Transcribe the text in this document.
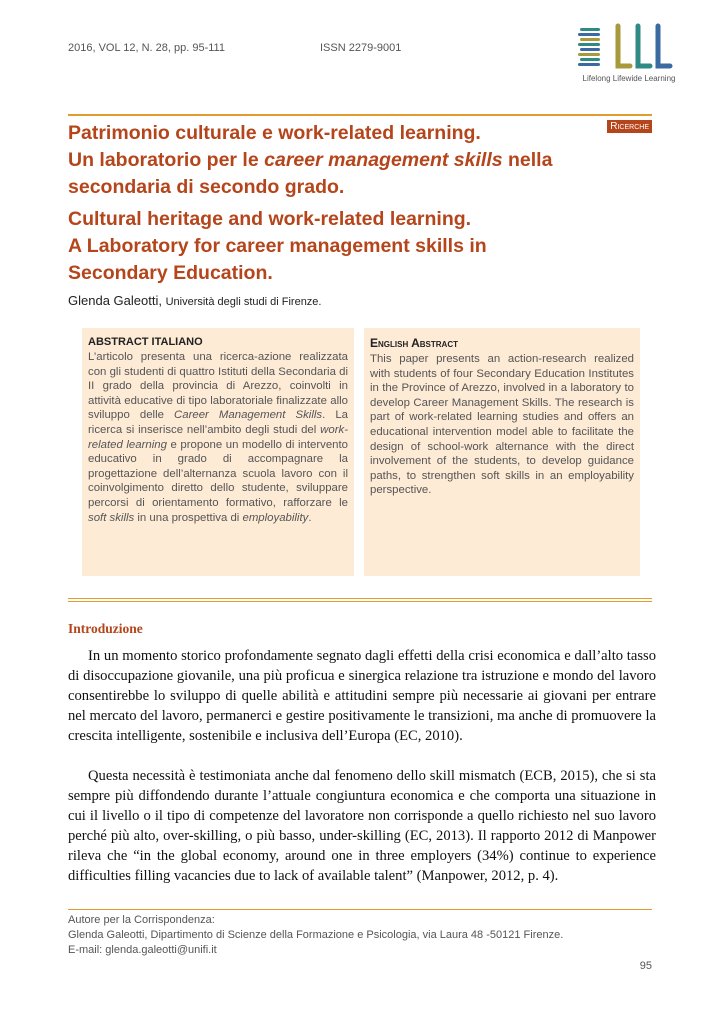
2016, VOL 12, N. 28, pp. 95-111	ISSN 2279-9001
Lifelong Lifewide Learning
Ricerche
Patrimonio culturale e work-related learning.
Un laboratorio per le career management skills nella
secondaria di secondo grado.
Cultural heritage and work-related learning.
A Laboratory for career management skills in
Secondary Education.
Glenda Galeotti, Università degli studi di Firenze.
ABSTRACT ITALIANO
L’articolo presenta una ricerca-azione realizzata con gli studenti di quattro Istituti della Secondaria di II grado della provincia di Arezzo, coinvolti in attività educative di tipo laboratoriale finalizzate allo sviluppo delle Career Management Skills. La ricerca si inserisce nell’ambito degli studi del work-related learning e propone un modello di intervento educativo in grado di accompagnare la progettazione dell’alternanza scuola lavoro con il coinvolgimento diretto dello studente, sviluppare percorsi di orientamento formativo, rafforzare le soft skills in una prospettiva di employability.
English Abstract
This paper presents an action-research realized with students of four Secondary Education Institutes in the Province of Arezzo, involved in a laboratory to develop Career Management Skills. The research is part of work-related learning studies and offers an educational intervention model able to facilitate the design of school-work alternance with the direct involvement of the students, to develop guidance paths, to strengthen soft skills in an employability perspective.
Introduzione
In un momento storico profondamente segnato dagli effetti della crisi economica e dall’alto tasso di disoccupazione giovanile, una più proficua e sinergica relazione tra istruzione e mondo del lavoro consentirebbe lo sviluppo di quelle abilità e attitudini sempre più necessarie ai giovani per entrare nel mercato del lavoro, permanerci e gestire positivamente le transizioni, ma anche di promuovere la crescita intelligente, sostenibile e inclusiva dell’Europa (EC, 2010).
Questa necessità è testimoniata anche dal fenomeno dello skill mismatch (ECB, 2015), che si sta sempre più diffondendo durante l’attuale congiuntura economica e che comporta una situazione in cui il livello o il tipo di competenze del lavoratore non corrisponde a quello richiesto nel suo lavoro perché più alto, over-skilling, o più basso, under-skilling (EC, 2013). Il rapporto 2012 di Manpower rileva che “in the global economy, around one in three employers (34%) continue to experience difficulties filling vacancies due to lack of available talent” (Manpower, 2012, p. 4).
Autore per la Corrispondenza:
Glenda Galeotti, Dipartimento di Scienze della Formazione e Psicologia, via Laura 48 -50121 Firenze.
E-mail: glenda.galeotti@unifi.it
95
